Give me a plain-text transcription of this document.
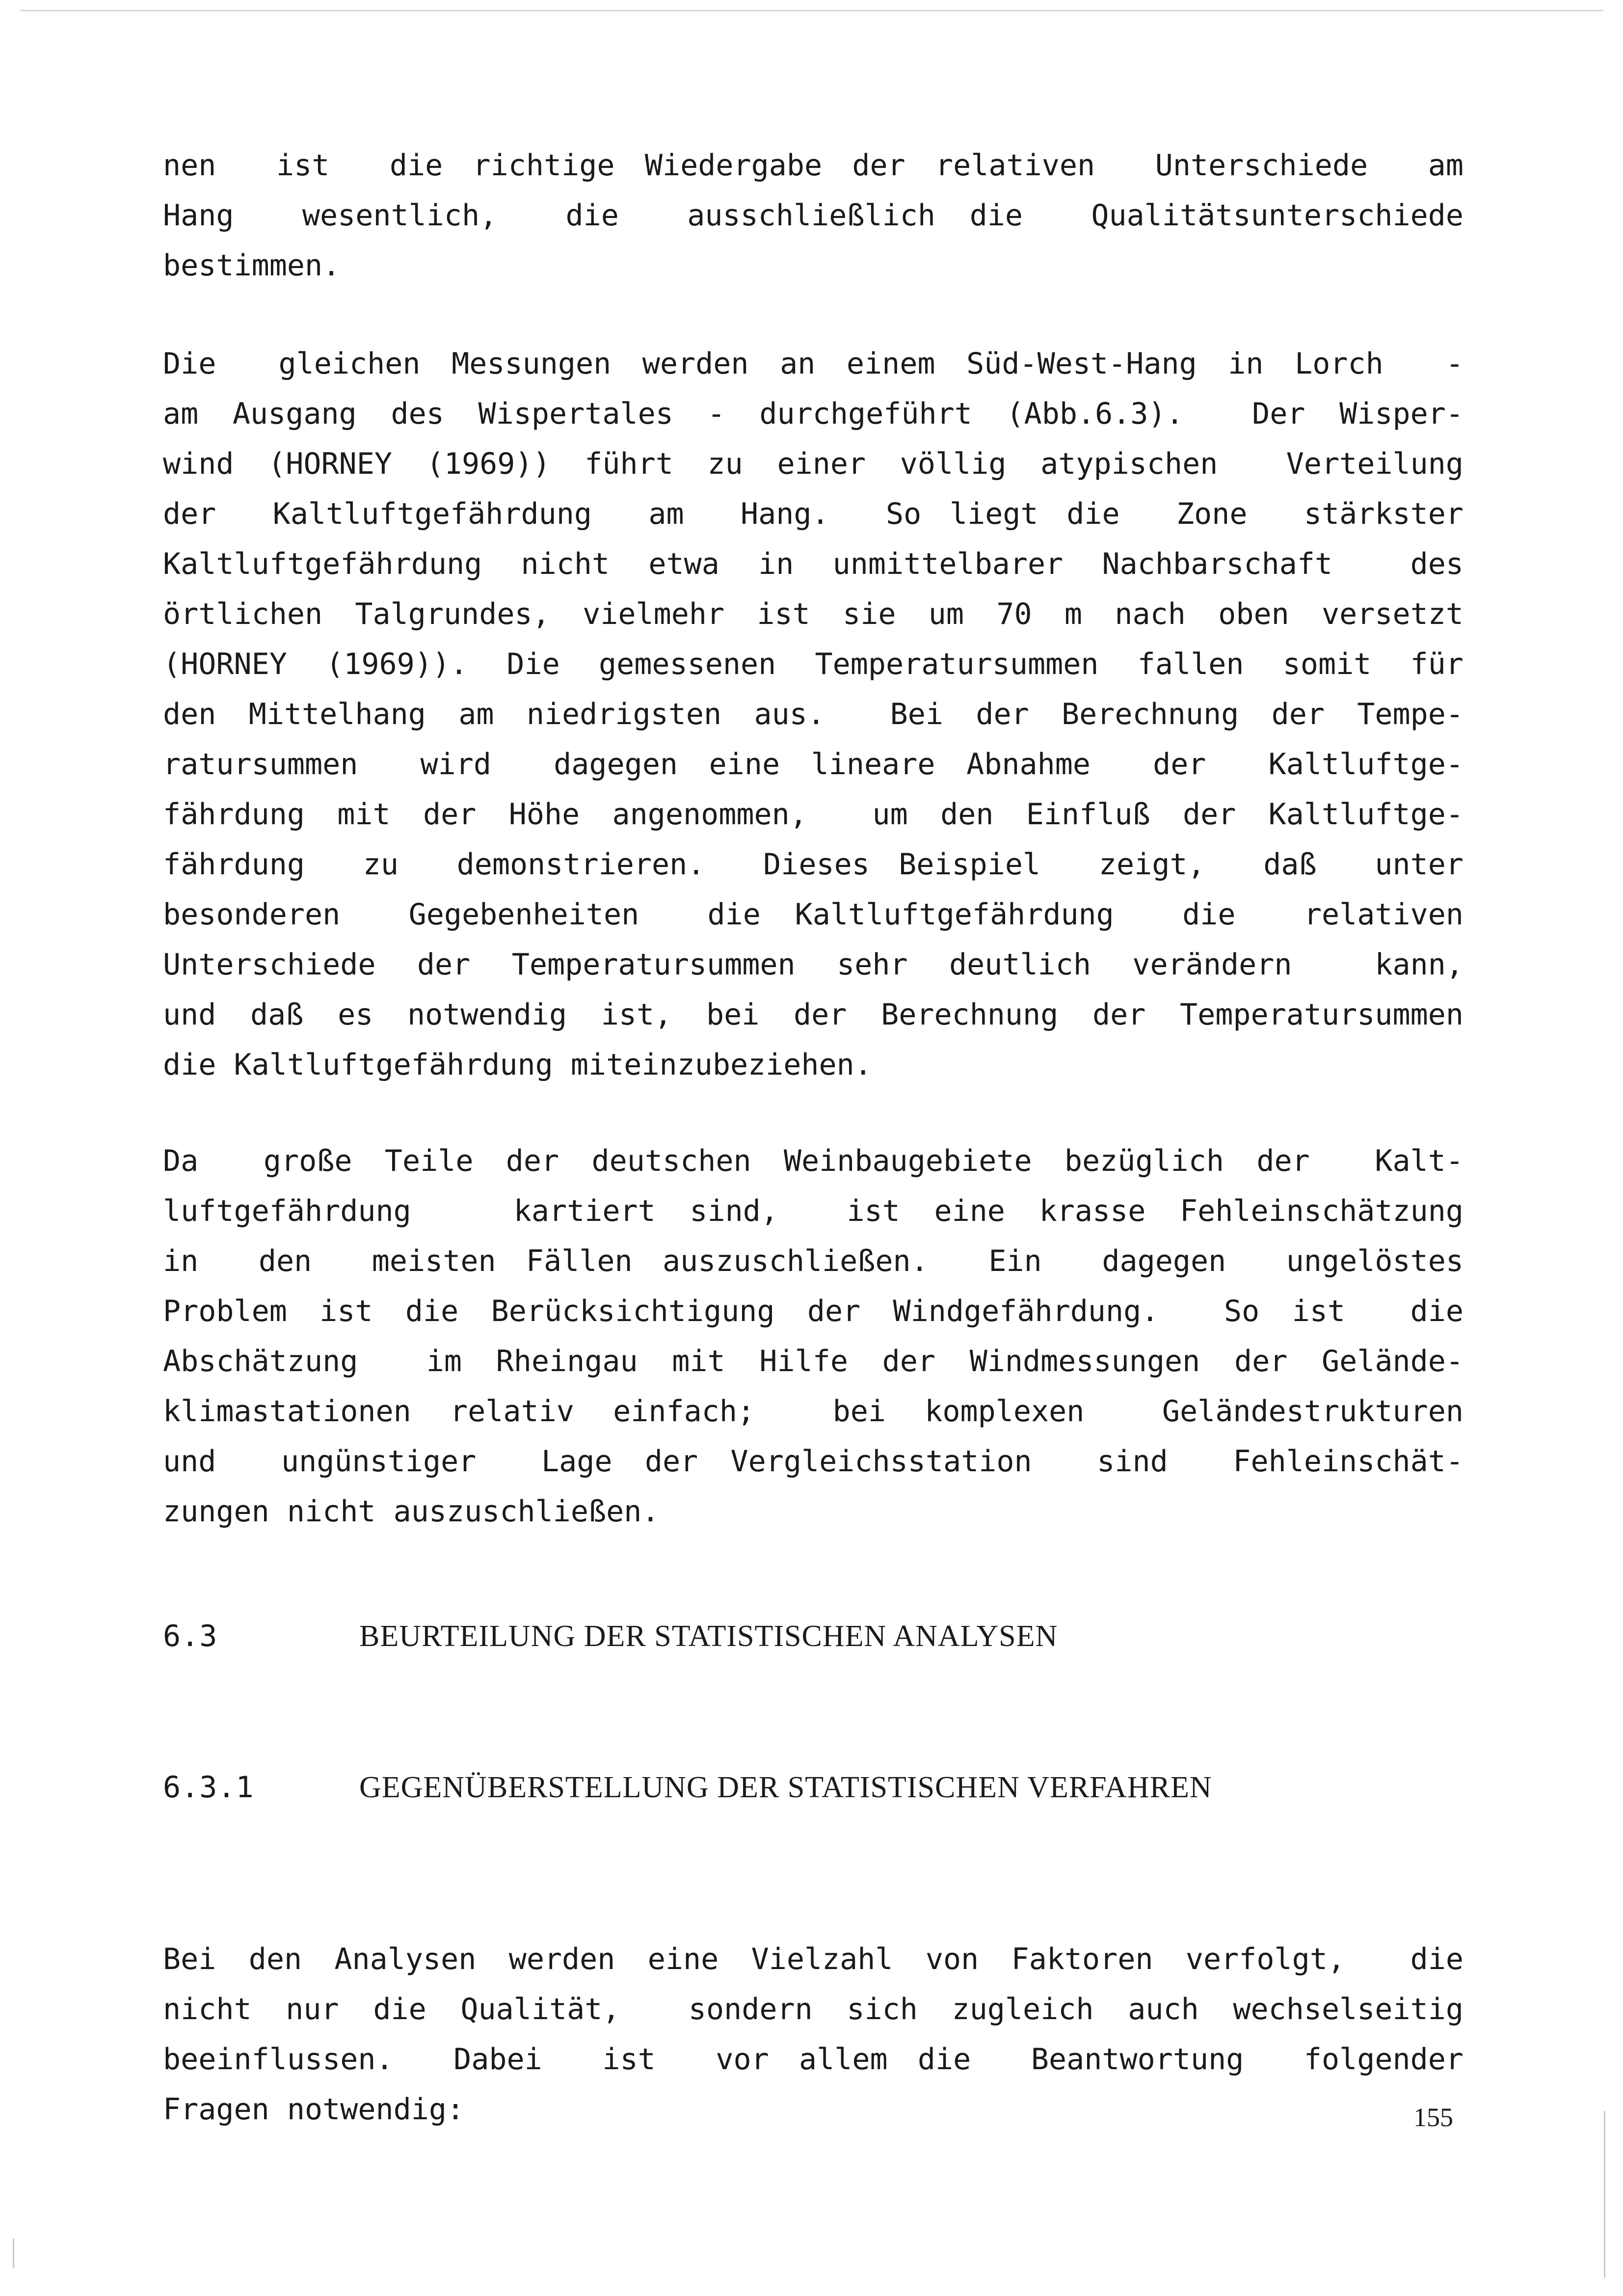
nen  ist  die richtige Wiedergabe der relativen  Unterschiede  am
Hang  wesentlich,  die  ausschließlich die  Qualitätsunterschiede
bestimmen.
Die  gleichen Messungen werden an einem Süd-West-Hang in Lorch  -
am Ausgang des Wispertales - durchgeführt (Abb.6.3).  Der Wisper-
wind (HORNEY (1969)) führt zu einer völlig atypischen  Verteilung
der  Kaltluftgefährdung  am  Hang.  So liegt die  Zone  stärkster
Kaltluftgefährdung nicht etwa in unmittelbarer Nachbarschaft  des
örtlichen Talgrundes, vielmehr ist sie um 70 m nach oben versetzt
(HORNEY (1969)). Die gemessenen Temperatursummen fallen somit für
den Mittelhang am niedrigsten aus.  Bei der Berechnung der Tempe-
ratursummen  wird  dagegen eine lineare Abnahme  der  Kaltluftge-
fährdung mit der Höhe angenommen,  um den Einfluß der Kaltluftge-
fährdung  zu  demonstrieren.  Dieses Beispiel  zeigt,  daß  unter
besonderen  Gegebenheiten  die Kaltluftgefährdung  die  relativen
Unterschiede der Temperatursummen sehr deutlich verändern  kann,
und daß es notwendig ist, bei der Berechnung der Temperatursummen
die Kaltluftgefährdung miteinzubeziehen.
Da  große Teile der deutschen Weinbaugebiete bezüglich der  Kalt-
luftgefährdung   kartiert sind,  ist eine krasse Fehleinschätzung
in  den  meisten Fällen auszuschließen.  Ein  dagegen  ungelöstes
Problem ist die Berücksichtigung der Windgefährdung.  So ist  die
Abschätzung  im Rheingau mit Hilfe der Windmessungen der Gelände-
klimastationen relativ einfach;  bei komplexen  Geländestrukturen
und  ungünstiger  Lage der Vergleichsstation  sind  Fehleinschät-
zungen nicht auszuschließen.
6.3	BEURTEILUNG DER STATISTISCHEN ANALYSEN
6.3.1	GEGENÜBERSTELLUNG DER STATISTISCHEN VERFAHREN
Bei den Analysen werden eine Vielzahl von Faktoren verfolgt,  die
nicht nur die Qualität,  sondern sich zugleich auch wechselseitig
beeinflussen.  Dabei  ist  vor allem die  Beantwortung  folgender
Fragen notwendig:	155
